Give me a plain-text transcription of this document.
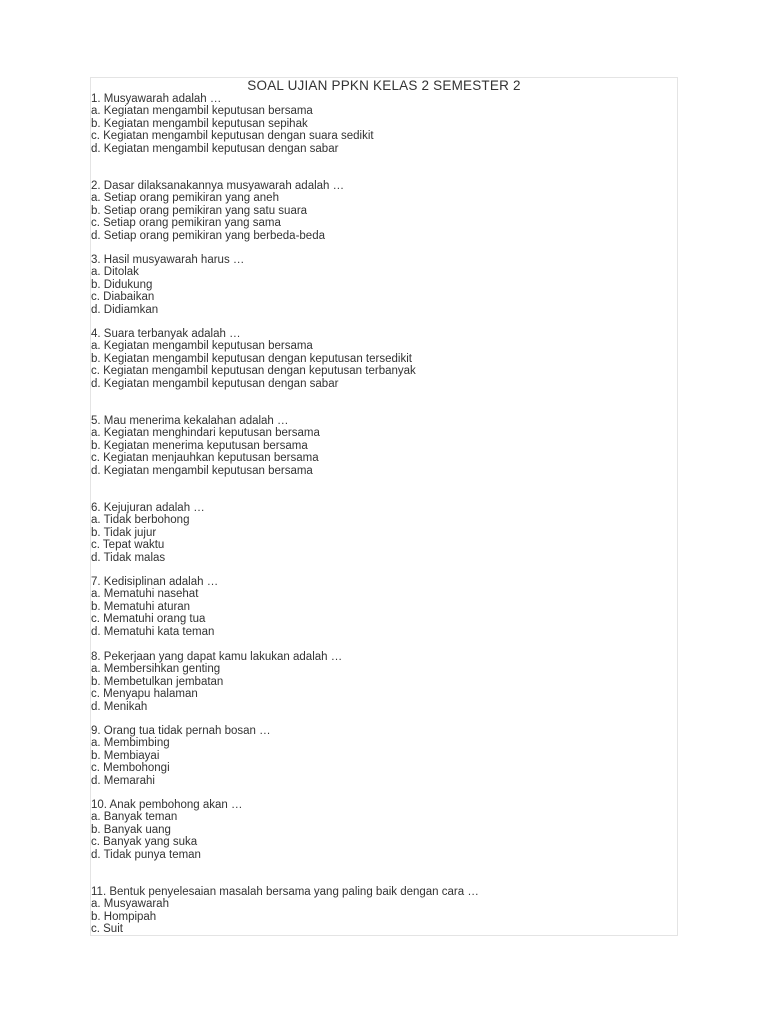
SOAL UJIAN PPKN KELAS 2 SEMESTER 2
1. Musyawarah adalah …
a. Kegiatan mengambil keputusan bersama
b. Kegiatan mengambil keputusan sepihak
c. Kegiatan mengambil keputusan dengan suara sedikit
d. Kegiatan mengambil keputusan dengan sabar
2. Dasar dilaksanakannya musyawarah adalah …
a. Setiap orang pemikiran yang aneh
b. Setiap orang pemikiran yang satu suara
c. Setiap orang pemikiran yang sama
d. Setiap orang pemikiran yang berbeda-beda
3. Hasil musyawarah harus …
a. Ditolak
b. Didukung
c. Diabaikan
d. Didiamkan
4. Suara terbanyak adalah …
a. Kegiatan mengambil keputusan bersama
b. Kegiatan mengambil keputusan dengan keputusan tersedikit
c. Kegiatan mengambil keputusan dengan keputusan terbanyak
d. Kegiatan mengambil keputusan dengan sabar
5. Mau menerima kekalahan adalah …
a. Kegiatan menghindari keputusan bersama
b. Kegiatan menerima keputusan bersama
c. Kegiatan menjauhkan keputusan bersama
d. Kegiatan mengambil keputusan bersama
6. Kejujuran adalah …
a. Tidak berbohong
b. Tidak jujur
c. Tepat waktu
d. Tidak malas
7. Kedisiplinan adalah …
a. Mematuhi nasehat
b. Mematuhi aturan
c. Mematuhi orang tua
d. Mematuhi kata teman
8. Pekerjaan yang dapat kamu lakukan adalah …
a. Membersihkan genting
b. Membetulkan jembatan
c. Menyapu halaman
d. Menikah
9. Orang tua tidak pernah bosan …
a. Membimbing
b. Membiayai
c. Membohongi
d. Memarahi
10. Anak pembohong akan …
a. Banyak teman
b. Banyak uang
c. Banyak yang suka
d. Tidak punya teman
11. Bentuk penyelesaian masalah bersama yang paling baik dengan cara …
a. Musyawarah
b. Hompipah
c. Suit
